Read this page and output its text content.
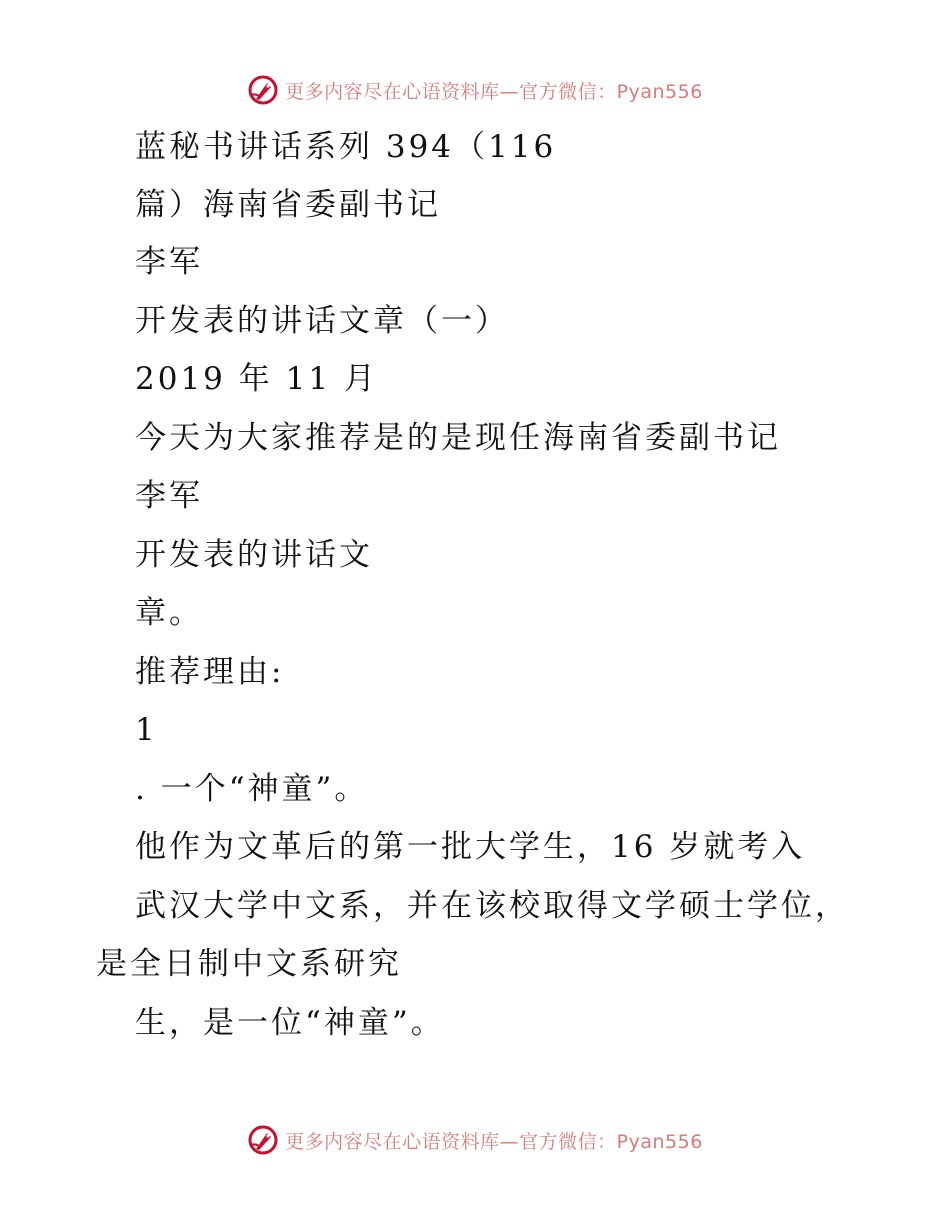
更多内容尽在心语资料库—官方微信：Pyan556
蓝秘书讲话系列 394（116
篇）海南省委副书记
李军
开发表的讲话文章（一）
2019 年 11 月
今天为大家推荐是的是现任海南省委副书记
李军
开发表的讲话文
章。
推荐理由:
1
. 一个“神童”。
他作为文革后的第一批大学生，16 岁就考入
武汉大学中文系，并在该校取得文学硕士学位，
是全日制中文系研究
生，是一位“神童”。
更多内容尽在心语资料库—官方微信：Pyan556
